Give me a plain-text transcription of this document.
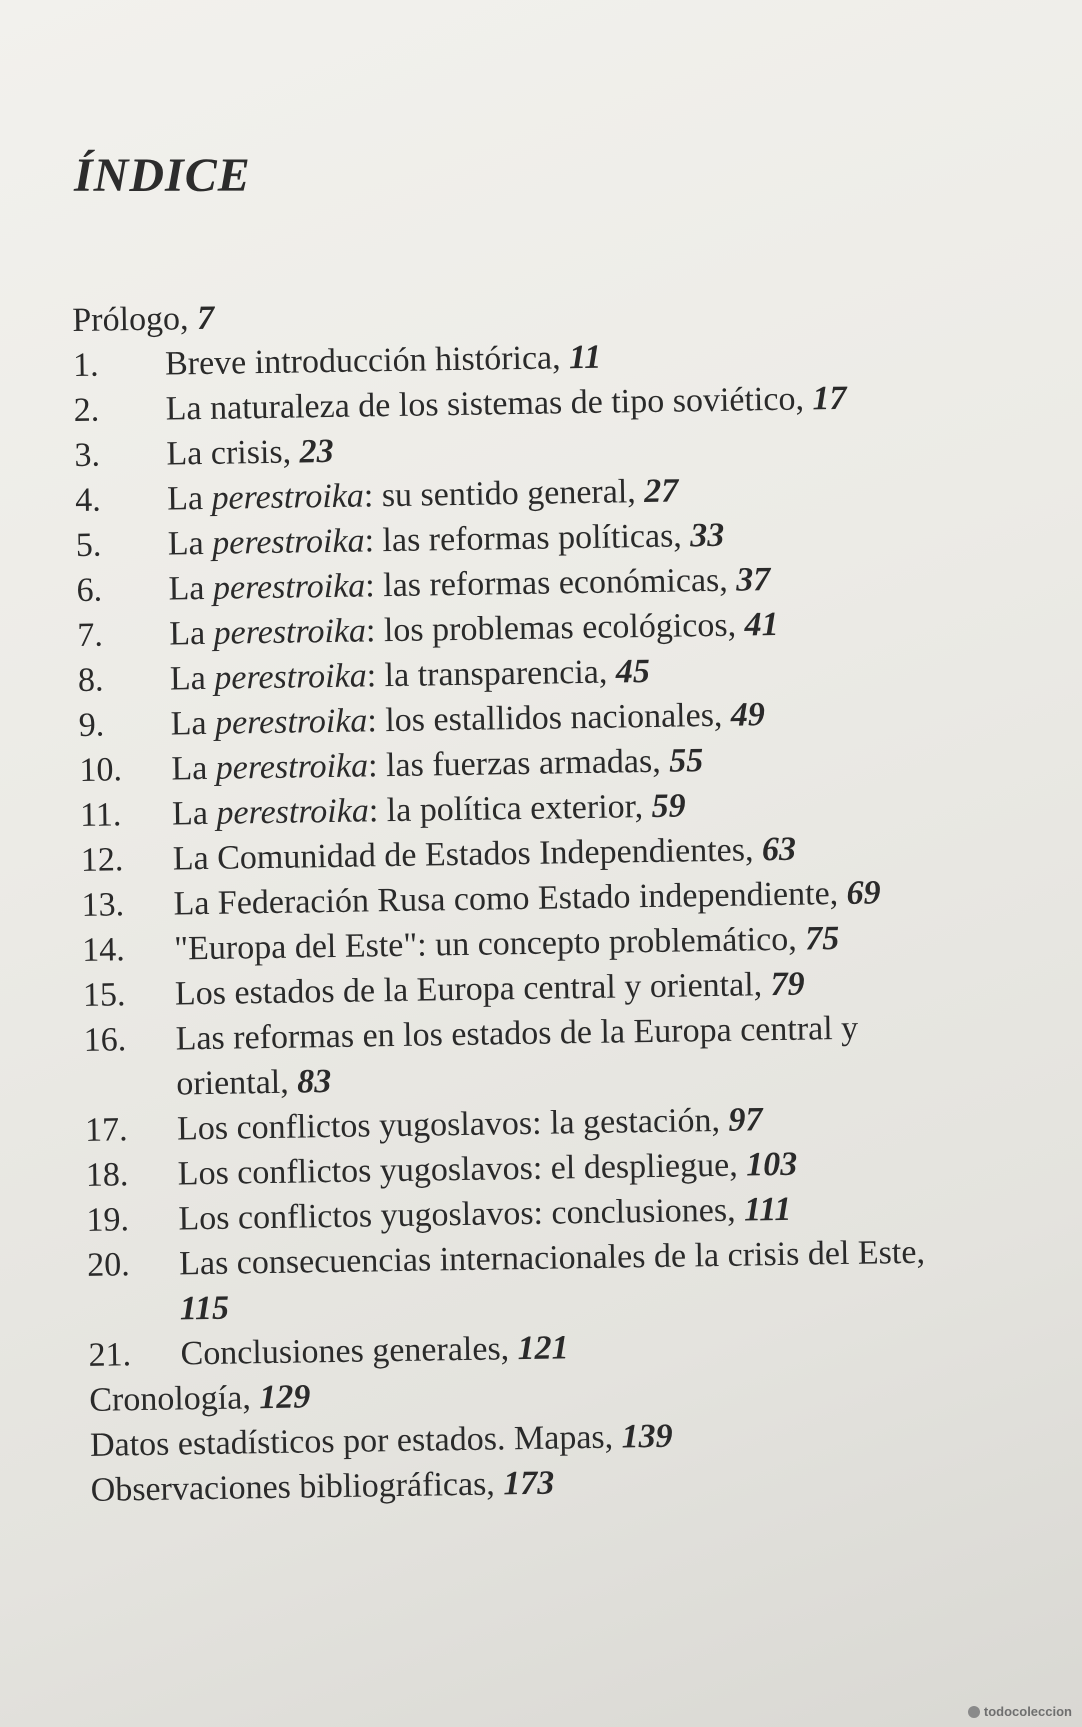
ÍNDICE
Prólogo, 7
1.	Breve introducción histórica, 11
2.	La naturaleza de los sistemas de tipo soviético, 17
3.	La crisis, 23
4.	La perestroika: su sentido general, 27
5.	La perestroika: las reformas políticas, 33
6.	La perestroika: las reformas económicas, 37
7.	La perestroika: los problemas ecológicos, 41
8.	La perestroika: la transparencia, 45
9.	La perestroika: los estallidos nacionales, 49
10.	La perestroika: las fuerzas armadas, 55
11.	La perestroika: la política exterior, 59
12.	La Comunidad de Estados Independientes, 63
13.	La Federación Rusa como Estado independiente, 69
14.	"Europa del Este": un concepto problemático, 75
15.	Los estados de la Europa central y oriental, 79
16.	Las reformas en los estados de la Europa central y oriental, 83
17.	Los conflictos yugoslavos: la gestación, 97
18.	Los conflictos yugoslavos: el despliegue, 103
19.	Los conflictos yugoslavos: conclusiones, 111
20.	Las consecuencias internacionales de la crisis del Este, 115
21.	Conclusiones generales, 121
Cronología, 129
Datos estadísticos por estados. Mapas, 139
Observaciones bibliográficas, 173
todocoleccion
